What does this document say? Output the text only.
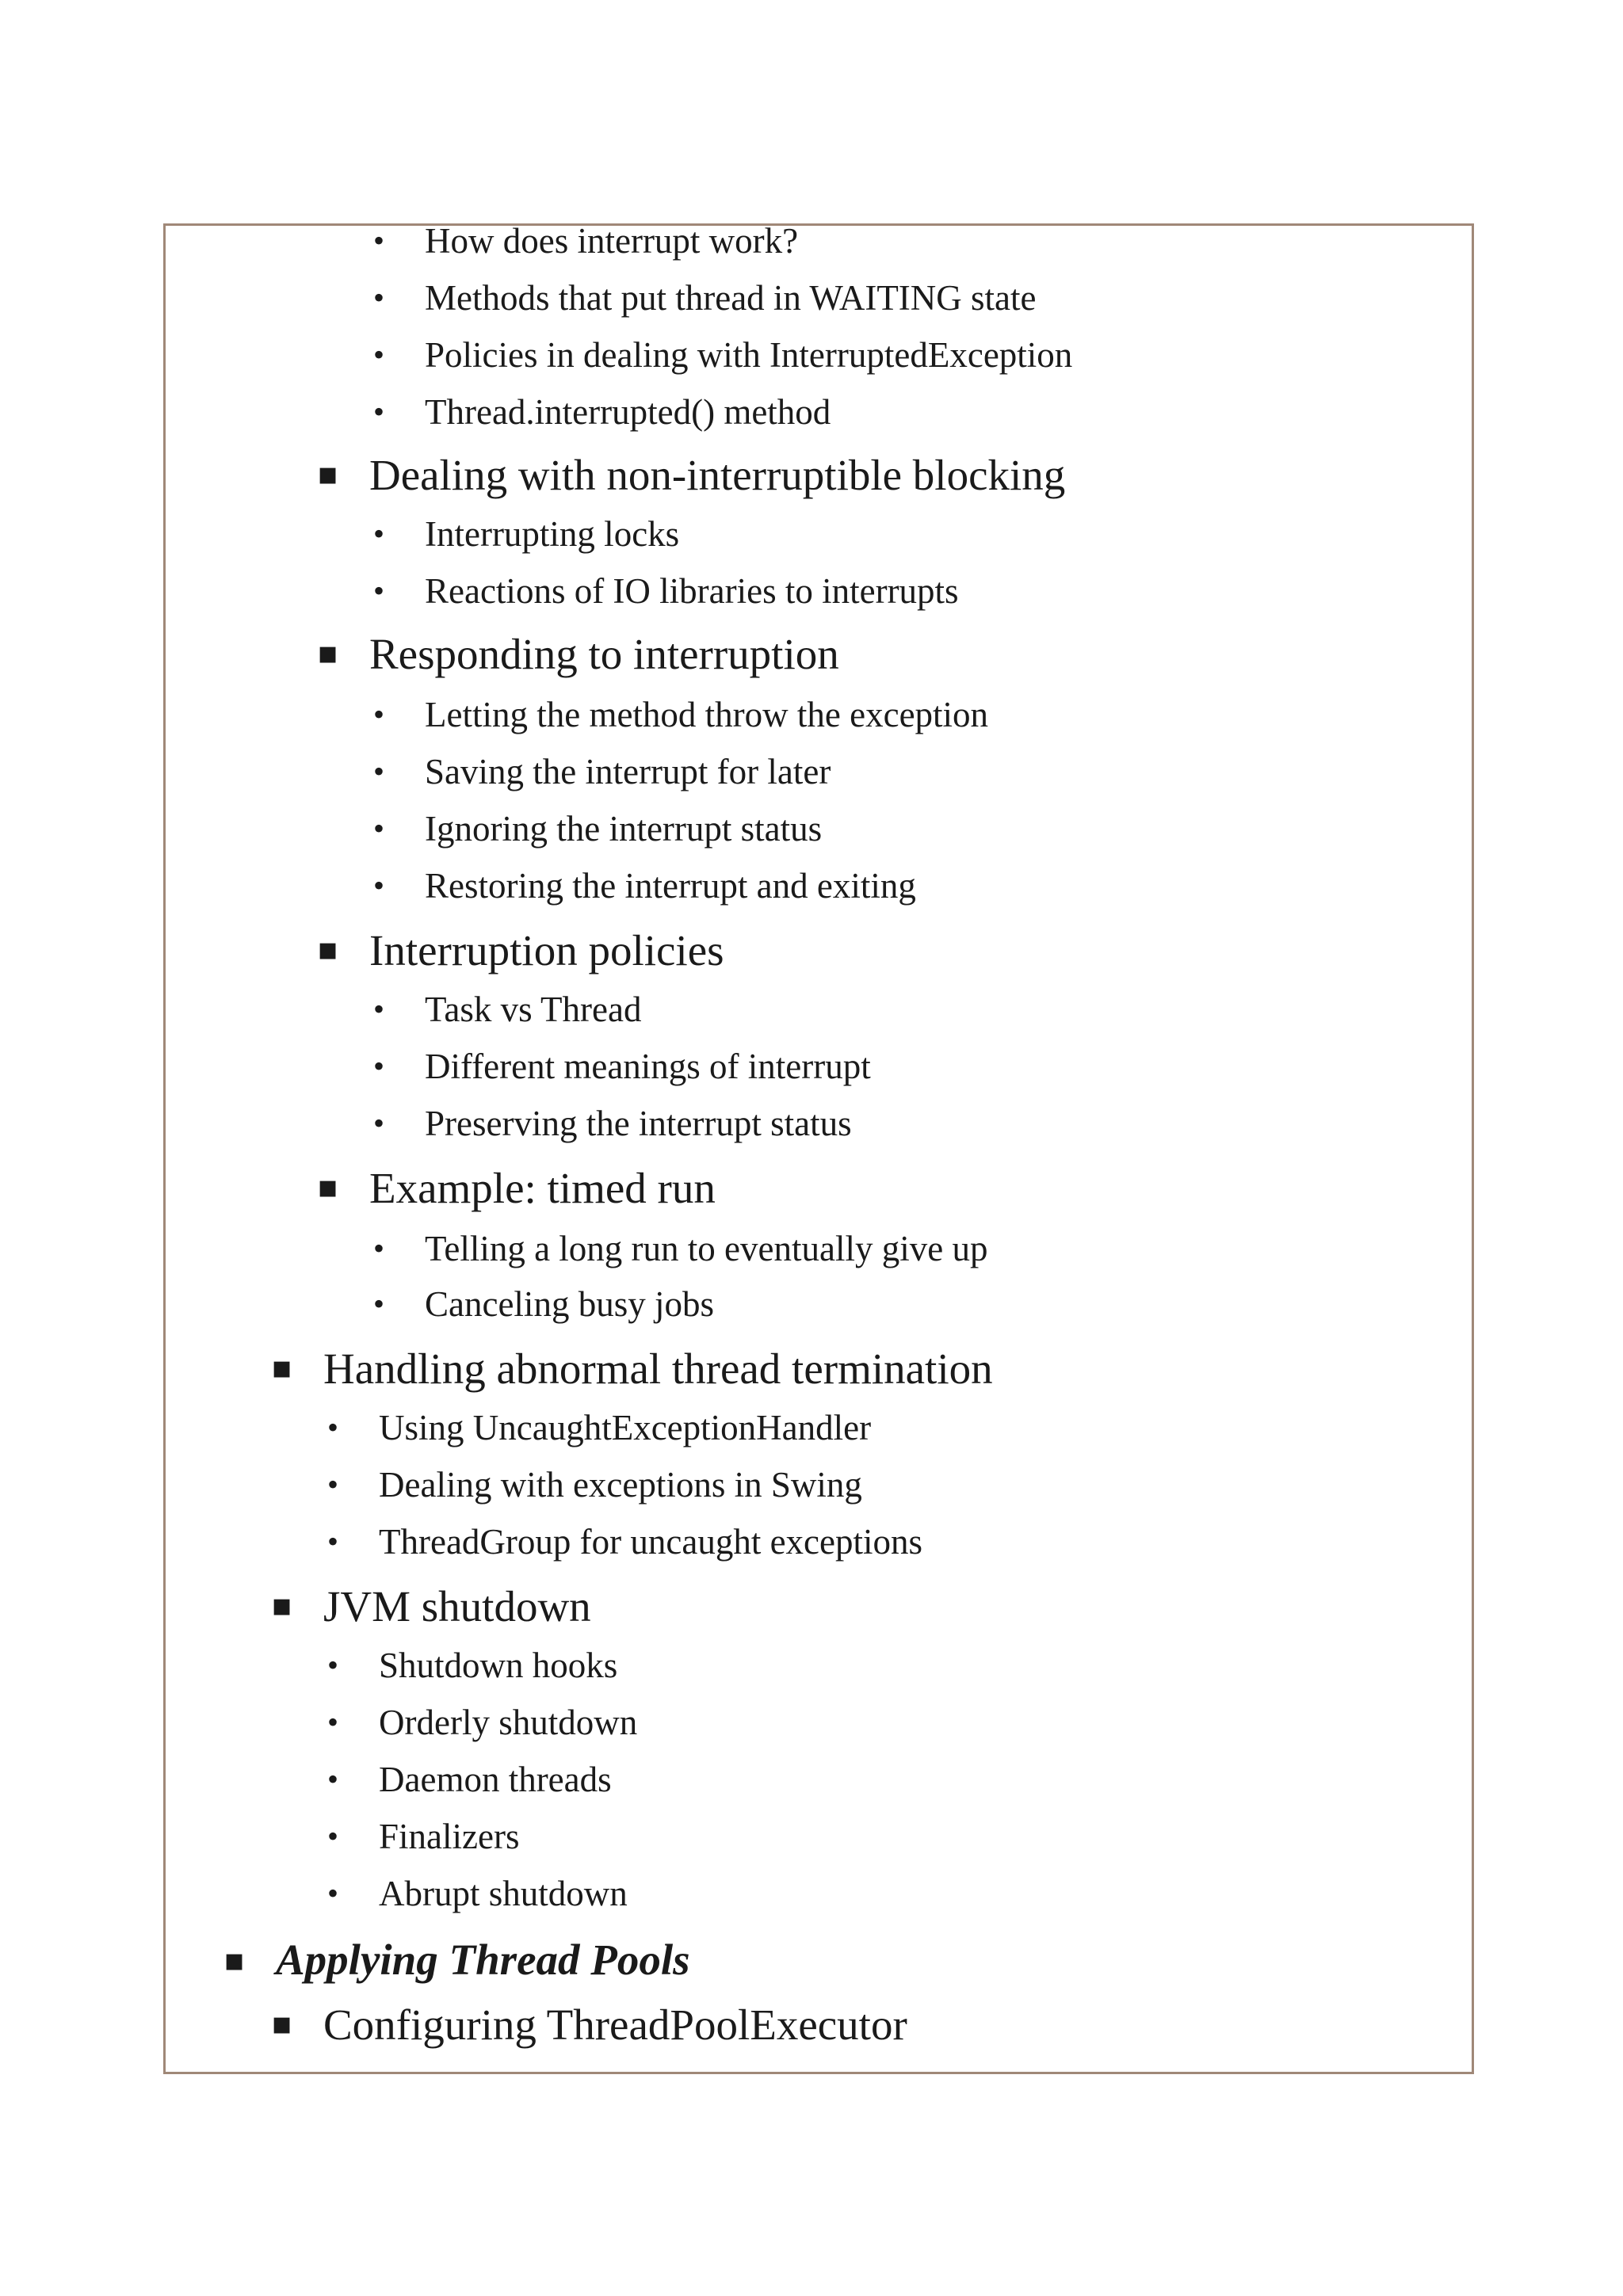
• How does interrupt work?
• Methods that put thread in WAITING state
• Policies in dealing with InterruptedException
• Thread.interrupted() method
▪ Dealing with non-interruptible blocking
• Interrupting locks
• Reactions of IO libraries to interrupts
▪ Responding to interruption
• Letting the method throw the exception
• Saving the interrupt for later
• Ignoring the interrupt status
• Restoring the interrupt and exiting
▪ Interruption policies
• Task vs Thread
• Different meanings of interrupt
• Preserving the interrupt status
▪ Example: timed run
• Telling a long run to eventually give up
• Canceling busy jobs
▪ Handling abnormal thread termination
• Using UncaughtExceptionHandler
• Dealing with exceptions in Swing
• ThreadGroup for uncaught exceptions
▪ JVM shutdown
• Shutdown hooks
• Orderly shutdown
• Daemon threads
• Finalizers
• Abrupt shutdown
▪ Applying Thread Pools
▪ Configuring ThreadPoolExecutor
